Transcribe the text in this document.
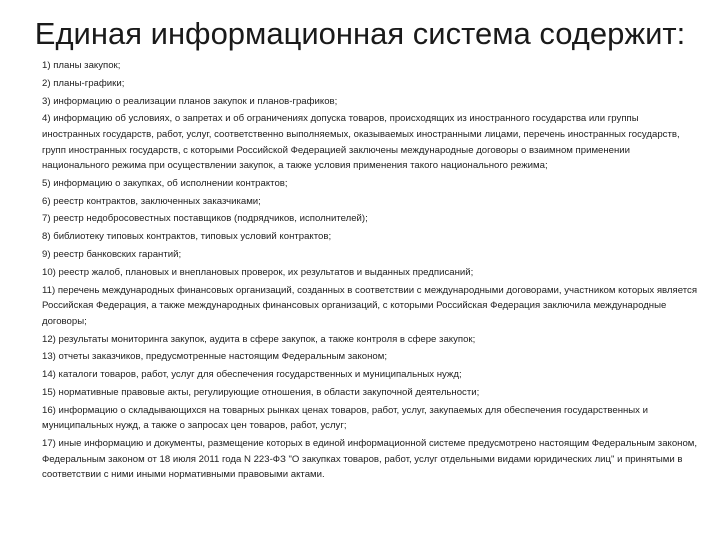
Единая информационная система содержит:
1) планы закупок;
2) планы-графики;
3) информацию о реализации планов закупок и планов-графиков;
4) информацию об условиях, о запретах и об ограничениях допуска товаров, происходящих из иностранного государства или группы иностранных государств, работ, услуг, соответственно выполняемых, оказываемых иностранными лицами, перечень иностранных государств, групп иностранных государств, с которыми Российской Федерацией заключены международные договоры о взаимном применении национального режима при осуществлении закупок, а также условия применения такого национального режима;
5) информацию о закупках, об исполнении контрактов;
6) реестр контрактов, заключенных заказчиками;
7) реестр недобросовестных поставщиков (подрядчиков, исполнителей);
8) библиотеку типовых контрактов, типовых условий контрактов;
9) реестр банковских гарантий;
10) реестр жалоб, плановых и внеплановых проверок, их результатов и выданных предписаний;
11) перечень международных финансовых организаций, созданных в соответствии с международными договорами, участником которых является Российская Федерация, а также международных финансовых организаций, с которыми Российская Федерация заключила международные договоры;
12) результаты мониторинга закупок, аудита в сфере закупок, а также контроля в сфере закупок;
13) отчеты заказчиков, предусмотренные настоящим Федеральным законом;
14) каталоги товаров, работ, услуг для обеспечения государственных и муниципальных нужд;
15) нормативные правовые акты, регулирующие отношения, в области закупочной деятельности;
16) информацию о складывающихся на товарных рынках ценах товаров, работ, услуг, закупаемых для обеспечения государственных и муниципальных нужд, а также о запросах цен товаров, работ, услуг;
17) иные информацию и документы, размещение которых в единой информационной системе предусмотрено настоящим Федеральным законом, Федеральным законом от 18 июля 2011 года N 223-ФЗ "О закупках товаров, работ, услуг отдельными видами юридических лиц" и принятыми в соответствии с ними иными нормативными правовыми актами.
